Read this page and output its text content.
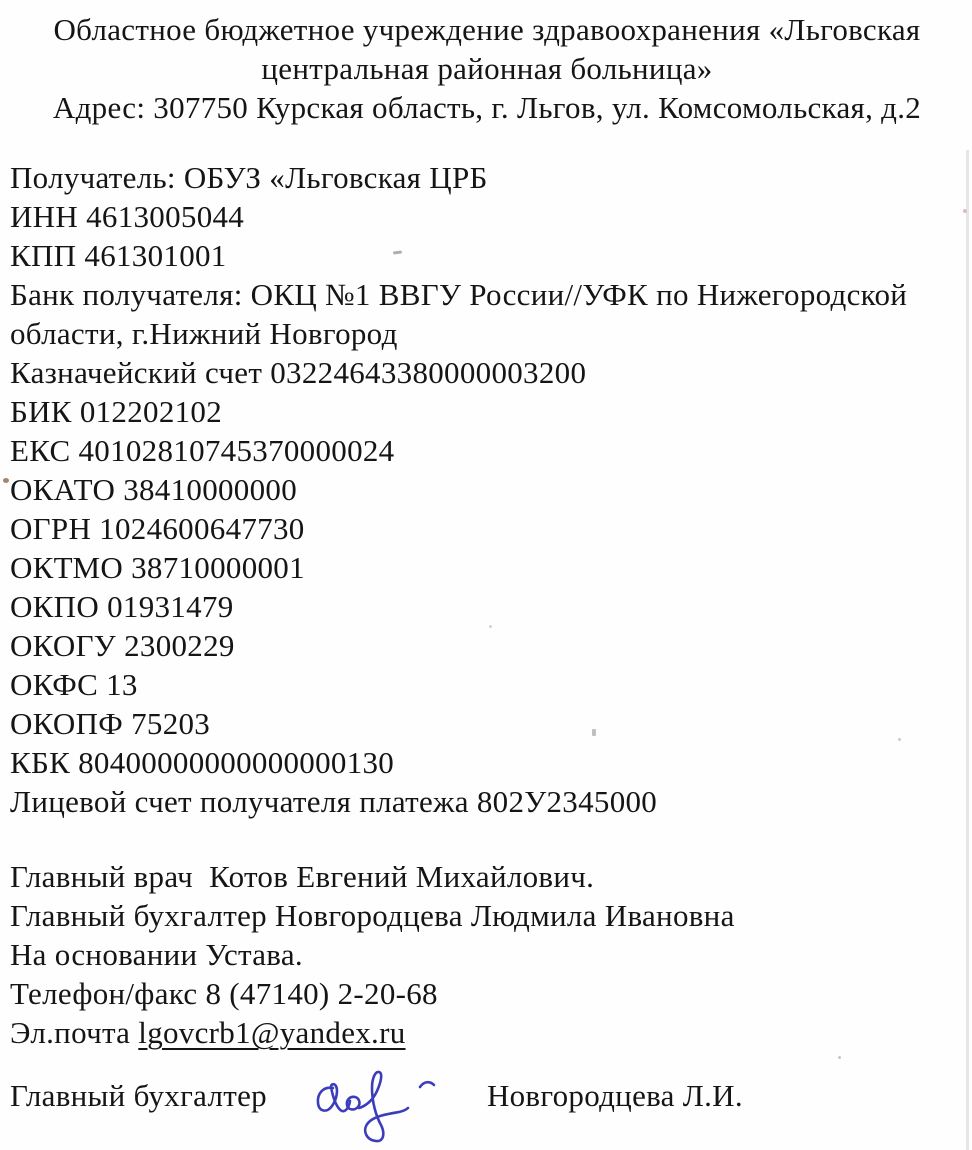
Областное бюджетное учреждение здравоохранения «Льговская
центральная районная больница»
Адрес: 307750 Курская область, г. Льгов, ул. Комсомольская, д.2
Получатель: ОБУЗ «Льговская ЦРБ
ИНН 4613005044
КПП 461301001
Банк получателя: ОКЦ №1 ВВГУ России//УФК по Нижегородской
области, г.Нижний Новгород
Казначейский счет 03224643380000003200
БИК 012202102
ЕКС 40102810745370000024
ОКАТО 38410000000
ОГРН 1024600647730
ОКТМО 38710000001
ОКПО 01931479
ОКОГУ 2300229
ОКФС 13
ОКОПФ 75203
КБК 80400000000000000130
Лицевой счет получателя платежа 802У2345000
Главный врач  Котов Евгений Михайлович.
Главный бухгалтер Новгородцева Людмила Ивановна
На основании Устава.
Телефон/факс 8 (47140) 2-20-68
Эл.почта lgovcrb1@yandex.ru
Главный бухгалтер	Новгородцева Л.И.
